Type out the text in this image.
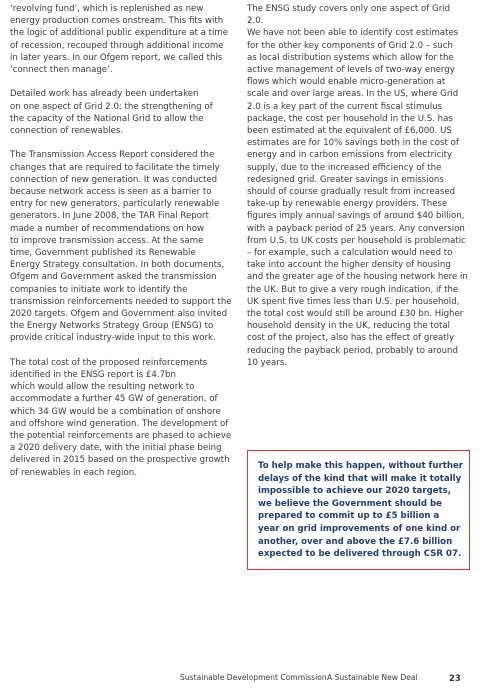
‘revolving fund’, which is replenished as new
energy production comes onstream. This fits with
the logic of additional public expenditure at a time
of recession, recouped through additional income
in later years. In our Ofgem report, we called this
‘connect then manage’.

Detailed work has already been undertaken
on one aspect of Grid 2.0: the strengthening of
the capacity of the National Grid to allow the
connection of renewables.

The Transmission Access Report considered the
changes that are required to facilitate the timely
connection of new generation. It was conducted
because network access is seen as a barrier to
entry for new generators, particularly renewable
generators. In June 2008, the TAR Final Report
made a number of recommendations on how
to improve transmission access. At the same
time, Government published its Renewable
Energy Strategy consultation. In both documents,
Ofgem and Government asked the transmission
companies to initiate work to identify the
transmission reinforcements needed to support the
2020 targets. Ofgem and Government also invited
the Energy Networks Strategy Group (ENSG) to
provide critical industry-wide input to this work.

The total cost of the proposed reinforcements
identified in the ENSG report is £4.7bn
which would allow the resulting network to
accommodate a further 45 GW of generation, of
which 34 GW would be a combination of onshore
and offshore wind generation. The development of
the potential reinforcements are phased to achieve
a 2020 delivery date, with the initial phase being
delivered in 2015 based on the prospective growth
of renewables in each region.

The ENSG study covers only one aspect of Grid 2.0.
We have not been able to identify cost estimates
for the other key components of Grid 2.0 – such
as local distribution systems which allow for the
active management of levels of two-way energy
flows which would enable micro-generation at
scale and over large areas. In the US, where Grid
2.0 is a key part of the current fiscal stimulus
package, the cost per household in the U.S. has
been estimated at the equivalent of £6,000. US
estimates are for 10% savings both in the cost of
energy and in carbon emissions from electricity
supply, due to the increased efficiency of the
redesigned grid. Greater savings in emissions
should of course gradually result from increased
take-up by renewable energy providers. These
figures imply annual savings of around $40 billion,
with a payback period of 25 years. Any conversion
from U.S. to UK costs per household is problematic
– for example, such a calculation would need to
take into account the higher density of housing
and the greater age of the housing network here in
the UK. But to give a very rough indication, if the
UK spent five times less than U.S. per household,
the total cost would still be around £30 bn. Higher
household density in the UK, reducing the total
cost of the project, also has the effect of greatly
reducing the payback period, probably to around
10 years.

To help make this happen, without further
delays of the kind that will make it totally
impossible to achieve our 2020 targets,
we believe the Government should be
prepared to commit up to £5 billion a
year on grid improvements of one kind or
another, over and above the £7.6 billion
expected to be delivered through CSR 07.

Sustainable Development Commission A Sustainable New Deal	23
